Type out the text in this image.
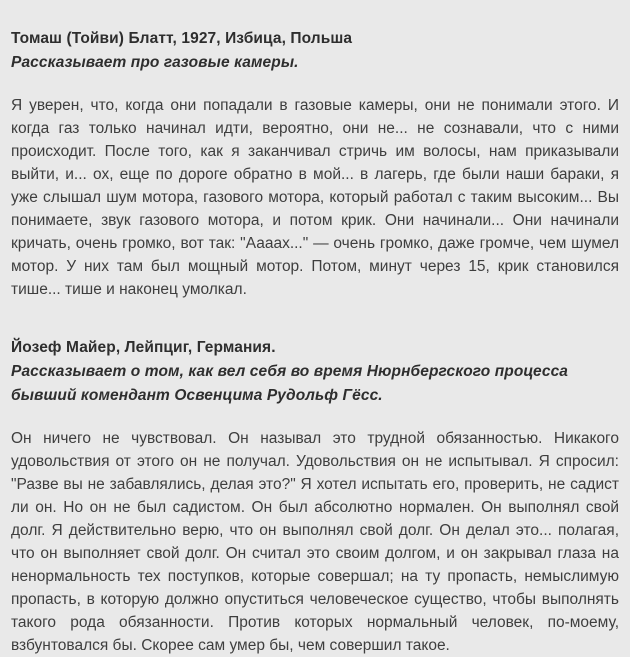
Томаш (Тойви) Блатт, 1927, Избица, Польша
Рассказывает про газовые камеры.
Я уверен, что, когда они попадали в газовые камеры, они не понимали этого. И когда газ только начинал идти, вероятно, они не... не сознавали, что с ними происходит. После того, как я заканчивал стричь им волосы, нам приказывали выйти, и... ох, еще по дороге обратно в мой... в лагерь, где были наши бараки, я уже слышал шум мотора, газового мотора, который работал с таким высоким... Вы понимаете, звук газового мотора, и потом крик. Они начинали... Они начинали кричать, очень громко, вот так: "Аааах..." — очень громко, даже громче, чем шумел мотор. У них там был мощный мотор. Потом, минут через 15, крик становился тише... тише и наконец умолкал.
Йозеф Майер, Лейпциг, Германия.
Рассказывает о том, как вел себя во время Нюрнбергского процесса бывший комендант Освенцима Рудольф Гёсс.
Он ничего не чувствовал. Он называл это трудной обязанностью. Никакого удовольствия от этого он не получал. Удовольствия он не испытывал. Я спросил: "Разве вы не забавлялись, делая это?" Я хотел испытать его, проверить, не садист ли он. Но он не был садистом. Он был абсолютно нормален. Он выполнял свой долг. Я действительно верю, что он выполнял свой долг. Он делал это... полагая, что он выполняет свой долг. Он считал это своим долгом, и он закрывал глаза на ненормальность тех поступков, которые совершал; на ту пропасть, немыслимую пропасть, в которую должно опуститься человеческое существо, чтобы выполнять такого рода обязанности. Против которых нормальный человек, по-моему, взбунтовался бы. Скорее сам умер бы, чем совершил такое.
